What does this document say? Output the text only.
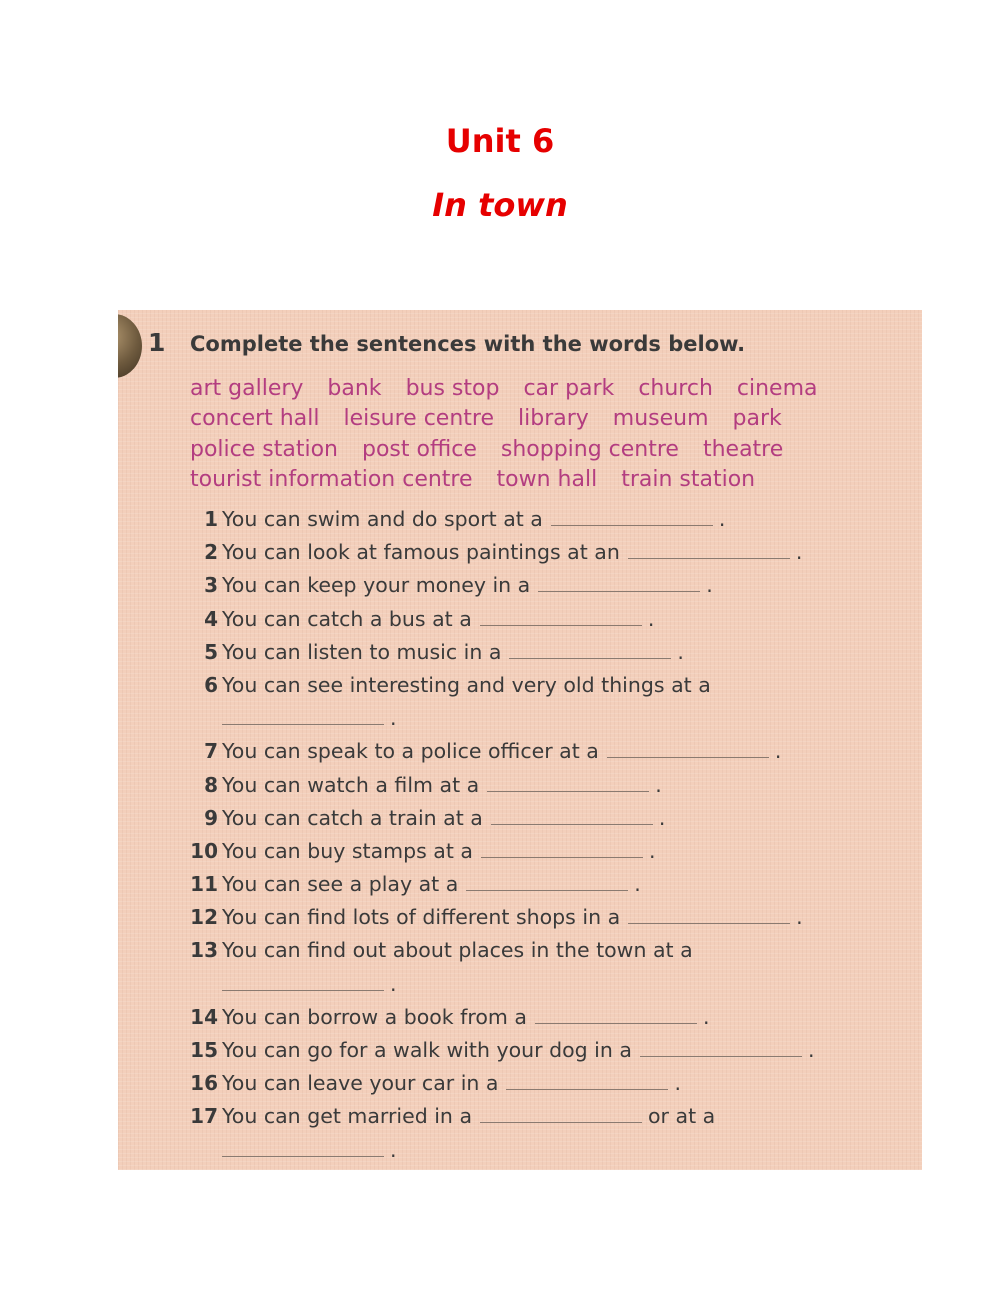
Unit 6
In town
1 Complete the sentences with the words below.
art gallery bank bus stop car park church cinema
concert hall leisure centre library museum park
police station post office shopping centre theatre
tourist information centre town hall train station
1 You can swim and do sport at a	.
2 You can look at famous paintings at an	.
3 You can keep your money in a	.
4 You can catch a bus at a	.
5 You can listen to music in a	.
6 You can see interesting and very old things at a
.
7 You can speak to a police officer at a	.
8 You can watch a film at a	.
9 You can catch a train at a	.
10 You can buy stamps at a	.
11 You can see a play at a	.
12 You can find lots of different shops in a	.
13 You can find out about places in the town at a
.
14 You can borrow a book from a	.
15 You can go for a walk with your dog in a	.
16 You can leave your car in a	.
17 You can get married in a	or at a
.
